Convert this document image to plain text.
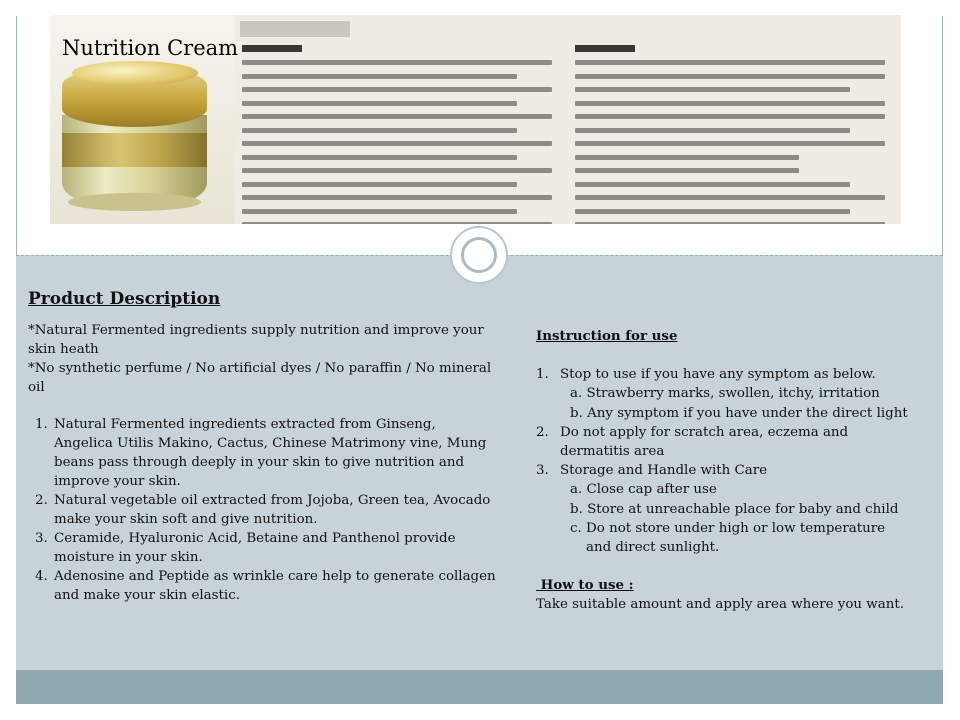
Nutrition Cream
Product Description

*Natural Fermented ingredients supply nutrition and improve your skin heath

*No synthetic perfume / No artificial dyes / No paraffin / No mineral oil

1. Natural Fermented ingredients extracted from Ginseng, Angelica Utilis Makino, Cactus, Chinese Matrimony vine, Mung beans pass through deeply in your skin to give nutrition and improve your skin.
2. Natural vegetable oil extracted from Jojoba, Green tea, Avocado make your skin soft and give nutrition.
3. Ceramide, Hyaluronic Acid, Betaine and Panthenol provide moisture in your skin.
4. Adenosine and Peptide as wrinkle care help to generate collagen and make your skin elastic.
Instruction for use
1. Stop to use if you have any symptom as below.
a. Strawberry marks, swollen, itchy, irritation
b. Any symptom if you have under the direct light
2. Do not apply for scratch area, eczema and
dermatitis area
3. Storage and Handle with Care
a. Close cap after use
b. Store at unreachable place for baby and child
c. Do not store under high or low temperature
and direct sunlight.
How to use :
Take suitable amount and apply area where you want.
